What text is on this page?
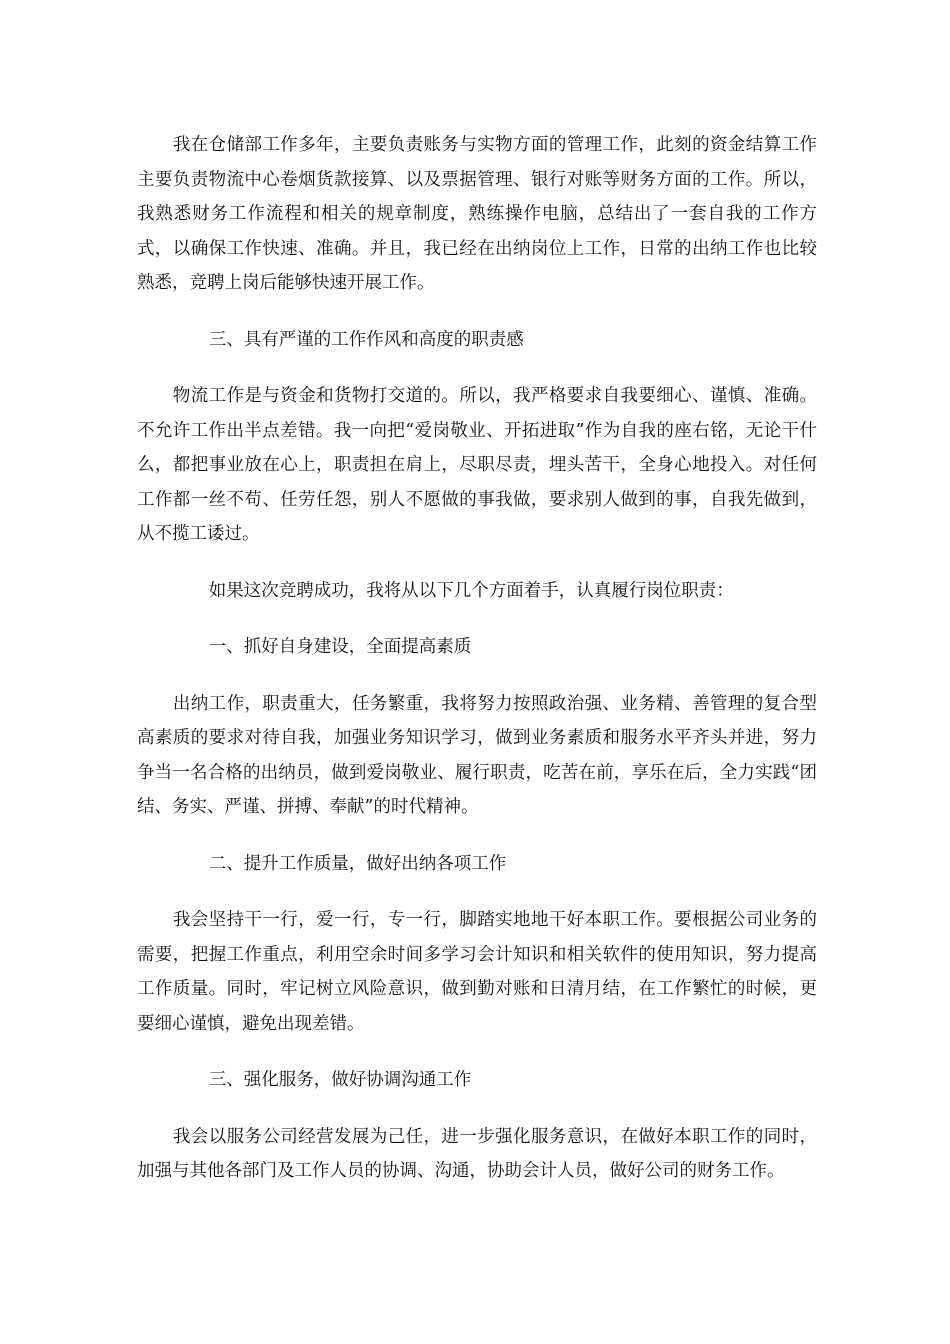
我在仓储部工作多年，主要负责账务与实物方面的管理工作，此刻的资金结算工作主要负责物流中心卷烟货款接算、以及票据管理、银行对账等财务方面的工作。所以，我熟悉财务工作流程和相关的规章制度，熟练操作电脑，总结出了一套自我的工作方式，以确保工作快速、准确。并且，我已经在出纳岗位上工作，日常的出纳工作也比较熟悉，竞聘上岗后能够快速开展工作。

三、具有严谨的工作作风和高度的职责感

物流工作是与资金和货物打交道的。所以，我严格要求自我要细心、谨慎、准确。不允许工作出半点差错。我一向把“爱岗敬业、开拓进取”作为自我的座右铭，无论干什么，都把事业放在心上，职责担在肩上，尽职尽责，埋头苦干，全身心地投入。对任何工作都一丝不苟、任劳任怨，别人不愿做的事我做，要求别人做到的事，自我先做到，从不揽工诿过。

如果这次竞聘成功，我将从以下几个方面着手，认真履行岗位职责：

一、抓好自身建设，全面提高素质

出纳工作，职责重大，任务繁重，我将努力按照政治强、业务精、善管理的复合型高素质的要求对待自我，加强业务知识学习，做到业务素质和服务水平齐头并进，努力争当一名合格的出纳员，做到爱岗敬业、履行职责，吃苦在前，享乐在后，全力实践“团结、务实、严谨、拼搏、奉献”的时代精神。

二、提升工作质量，做好出纳各项工作

我会坚持干一行，爱一行，专一行，脚踏实地地干好本职工作。要根据公司业务的需要，把握工作重点，利用空余时间多学习会计知识和相关软件的使用知识，努力提高工作质量。同时，牢记树立风险意识，做到勤对账和日清月结，在工作繁忙的时候，更要细心谨慎，避免出现差错。

三、强化服务，做好协调沟通工作

我会以服务公司经营发展为己任，进一步强化服务意识，在做好本职工作的同时，加强与其他各部门及工作人员的协调、沟通，协助会计人员，做好公司的财务工作。
